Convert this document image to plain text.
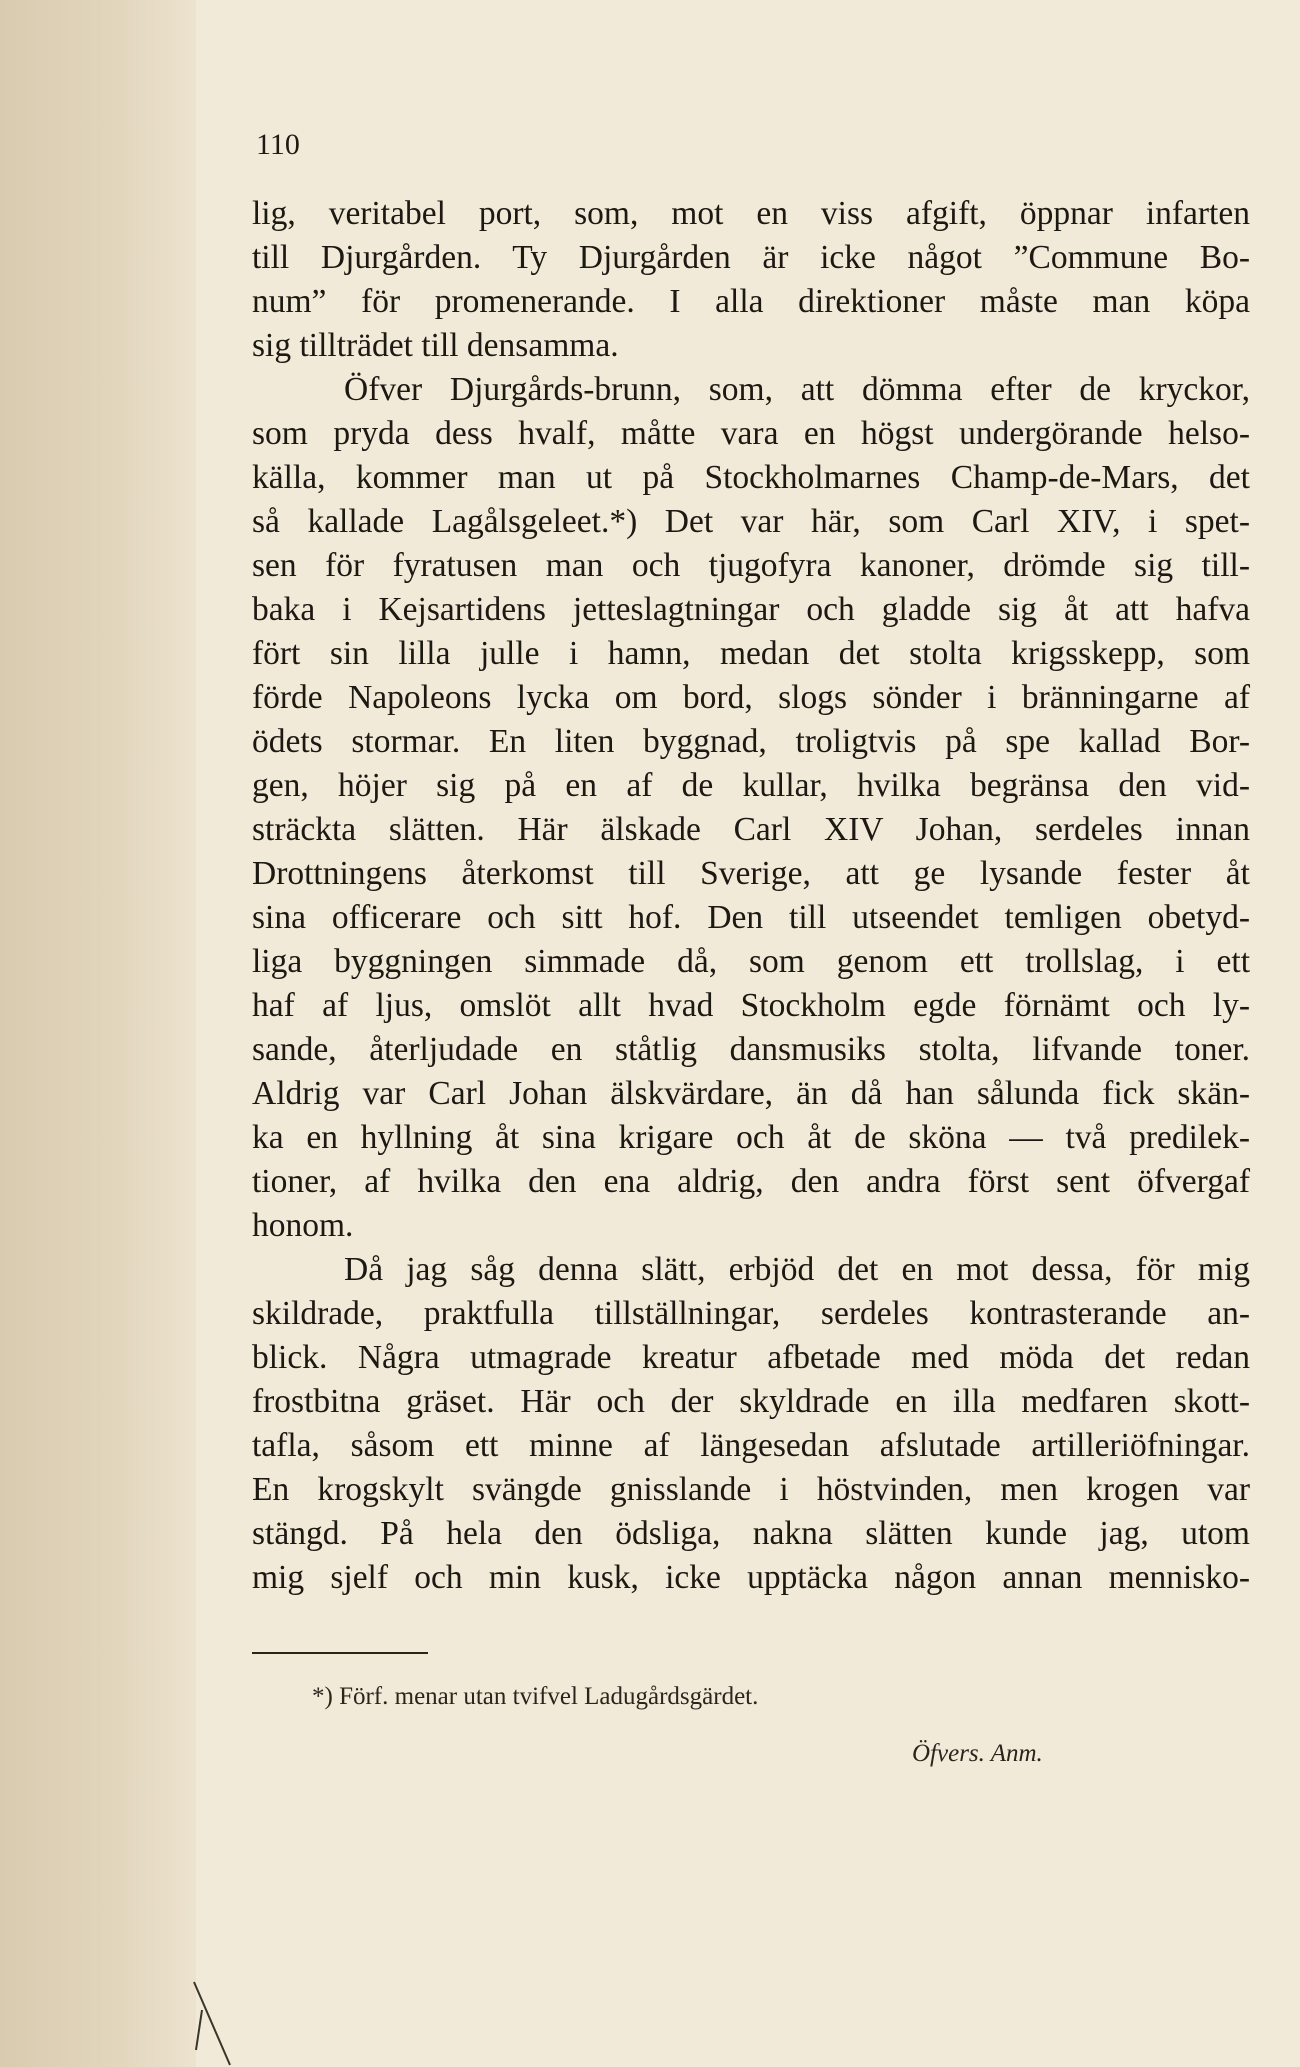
110

lig, veritabel port, som, mot en viss afgift, öppnar infarten
till Djurgården. Ty Djurgården är icke något ”Commune Bo-
num” för promenerande. I alla direktioner måste man köpa
sig tillträdet till densamma.
Öfver Djurgårds-brunn, som, att dömma efter de kryckor,
som pryda dess hvalf, måtte vara en högst undergörande helso-
källa, kommer man ut på Stockholmarnes Champ-de-Mars, det
så kallade Lagålsgeleet.*) Det var här, som Carl XIV, i spet-
sen för fyratusen man och tjugofyra kanoner, drömde sig till-
baka i Kejsartidens jetteslagtningar och gladde sig åt att hafva
fört sin lilla julle i hamn, medan det stolta krigsskepp, som
förde Napoleons lycka om bord, slogs sönder i bränningarne af
ödets stormar. En liten byggnad, troligtvis på spe kallad Bor-
gen, höjer sig på en af de kullar, hvilka begränsa den vid-
sträckta slätten. Här älskade Carl XIV Johan, serdeles innan
Drottningens återkomst till Sverige, att ge lysande fester åt
sina officerare och sitt hof. Den till utseendet temligen obetyd-
liga byggningen simmade då, som genom ett trollslag, i ett
haf af ljus, omslöt allt hvad Stockholm egde förnämt och ly-
sande, återljudade en ståtlig dansmusiks stolta, lifvande toner.
Aldrig var Carl Johan älskvärdare, än då han sålunda fick skän-
ka en hyllning åt sina krigare och åt de sköna — två predilek-
tioner, af hvilka den ena aldrig, den andra först sent öfvergaf
honom.
Då jag såg denna slätt, erbjöd det en mot dessa, för mig
skildrade, praktfulla tillställningar, serdeles kontrasterande an-
blick. Några utmagrade kreatur afbetade med möda det redan
frostbitna gräset. Här och der skyldrade en illa medfaren skott-
tafla, såsom ett minne af längesedan afslutade artilleriöfningar.
En krogskylt svängde gnisslande i höstvinden, men krogen var
stängd. På hela den ödsliga, nakna slätten kunde jag, utom
mig sjelf och min kusk, icke upptäcka någon annan mennisko-

*) Förf. menar utan tvifvel Ladugårdsgärdet.

Öfvers. Anm.
